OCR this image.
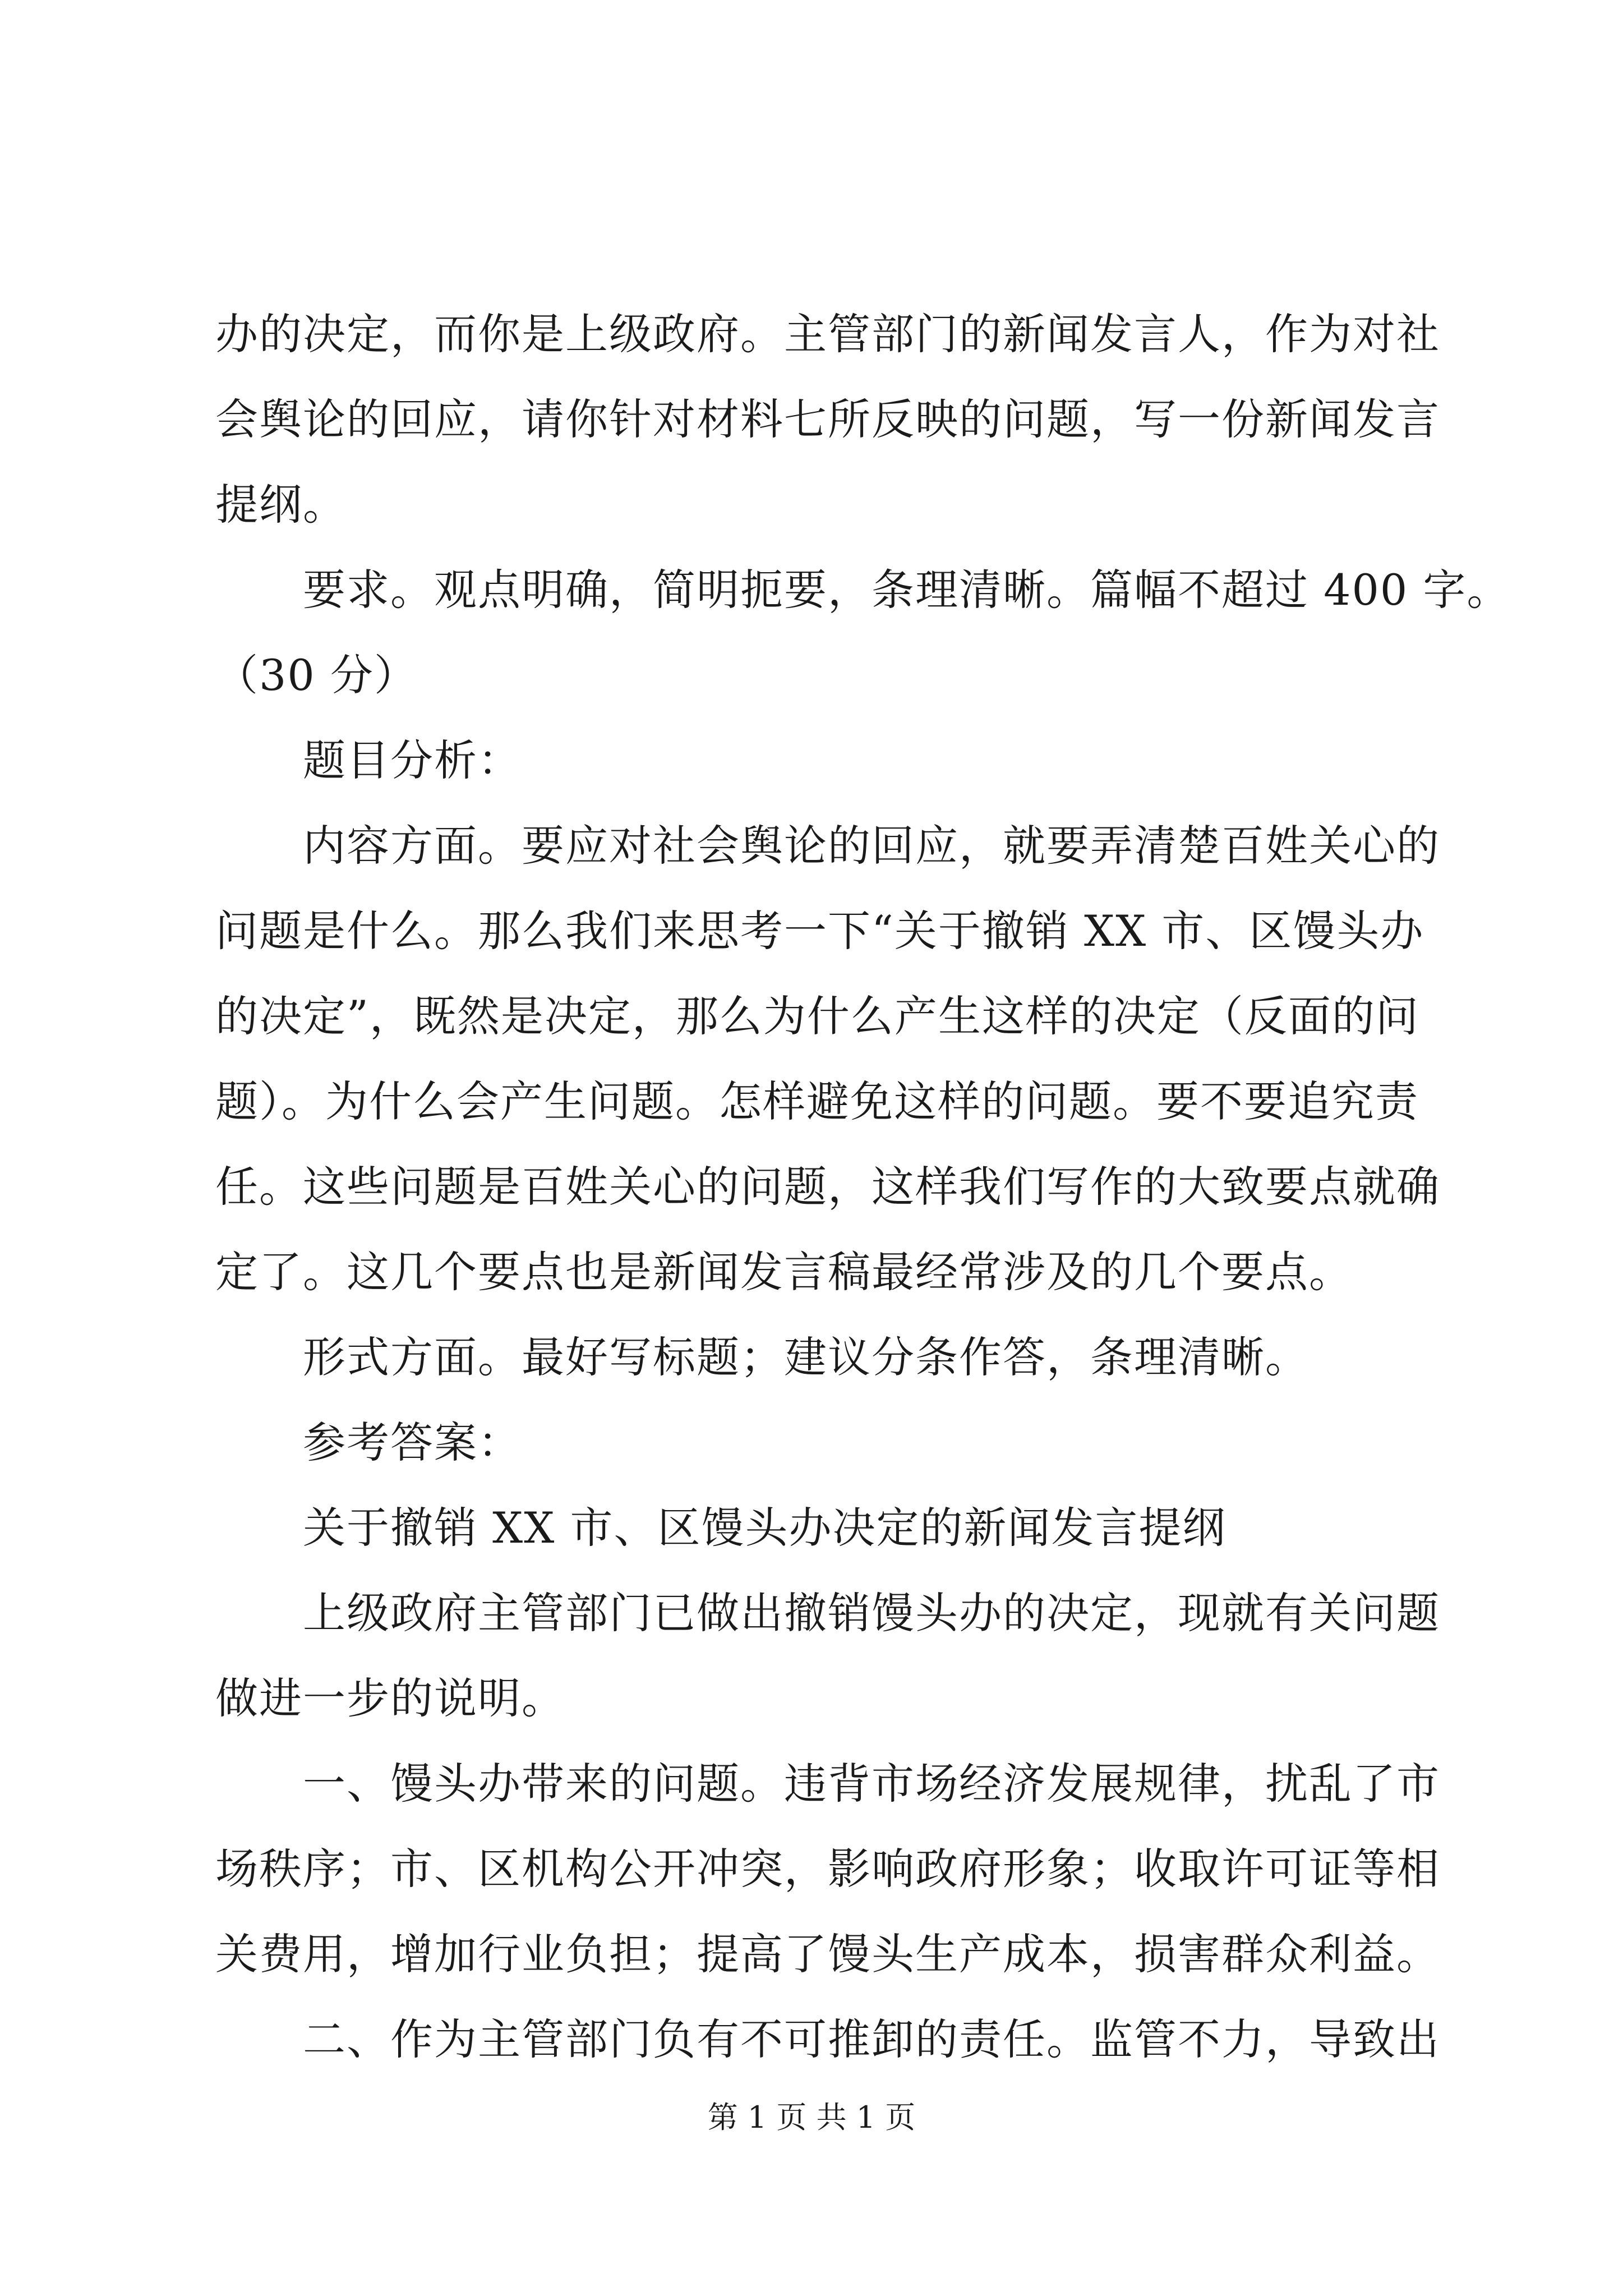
办的决定，而你是上级政府。主管部门的新闻发言人，作为对社
会舆论的回应，请你针对材料七所反映的问题，写一份新闻发言
提纲。
要求。观点明确，简明扼要，条理清晰。篇幅不超过 400 字。
（30 分）
题目分析：
内容方面。要应对社会舆论的回应，就要弄清楚百姓关心的
问题是什么。那么我们来思考一下“关于撤销 XX 市、区馒头办
的决定”，既然是决定，那么为什么产生这样的决定（反面的问
题）。为什么会产生问题。怎样避免这样的问题。要不要追究责
任。这些问题是百姓关心的问题，这样我们写作的大致要点就确
定了。这几个要点也是新闻发言稿最经常涉及的几个要点。
形式方面。最好写标题；建议分条作答，条理清晰。
参考答案：
关于撤销 XX 市、区馒头办决定的新闻发言提纲
上级政府主管部门已做出撤销馒头办的决定，现就有关问题
做进一步的说明。
一、馒头办带来的问题。违背市场经济发展规律，扰乱了市
场秩序；市、区机构公开冲突，影响政府形象；收取许可证等相
关费用，增加行业负担；提高了馒头生产成本，损害群众利益。
二、作为主管部门负有不可推卸的责任。监管不力，导致出
第 1 页 共 1 页
